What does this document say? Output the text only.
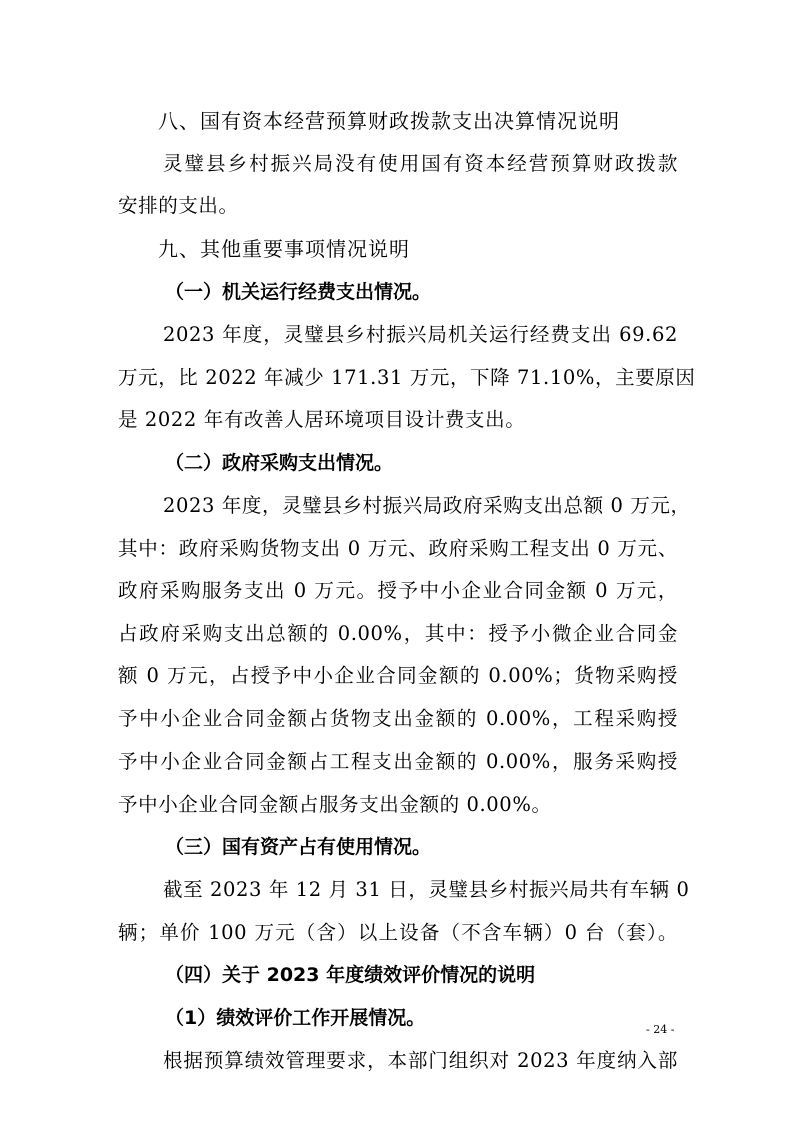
八、国有资本经营预算财政拨款支出决算情况说明

灵璧县乡村振兴局没有使用国有资本经营预算财政拨款

安排的支出。

九、其他重要事项情况说明

（一）机关运行经费支出情况。

2023 年度，灵璧县乡村振兴局机关运行经费支出 69.62

万元，比 2022 年减少 171.31 万元，下降 71.10%，主要原因

是 2022 年有改善人居环境项目设计费支出。

（二）政府采购支出情况。

2023 年度，灵璧县乡村振兴局政府采购支出总额 0 万元，

其中：政府采购货物支出 0 万元、政府采购工程支出 0 万元、

政府采购服务支出 0 万元。授予中小企业合同金额 0 万元，

占政府采购支出总额的 0.00%，其中：授予小微企业合同金

额 0 万元，占授予中小企业合同金额的 0.00%；货物采购授

予中小企业合同金额占货物支出金额的 0.00%，工程采购授

予中小企业合同金额占工程支出金额的 0.00%，服务采购授

予中小企业合同金额占服务支出金额的 0.00%。

（三）国有资产占有使用情况。

截至 2023 年 12 月 31 日，灵璧县乡村振兴局共有车辆 0

辆；单价 100 万元（含）以上设备（不含车辆）0 台（套）。

（四）关于 2023 年度绩效评价情况的说明

（1）绩效评价工作开展情况。

根据预算绩效管理要求，本部门组织对 2023 年度纳入部

- 24 -
